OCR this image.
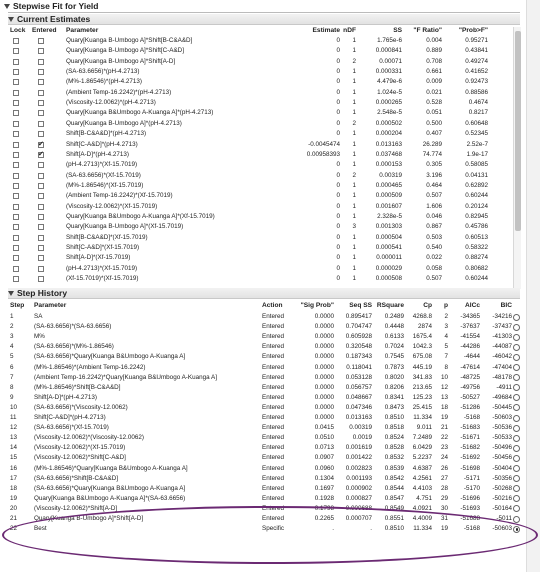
Stepwise Fit for Yield
Current Estimates
Lock	Entered	Parameter	Estimate nDF	SS	"F Ratio"	"Prob>F"
Quary[Kuanga B-Umbogo A]*Shift[B-C&A&D]	0	1	1.765e-6	0.004	0.95271
Quary[Kuanga B-Umbogo A]*Shift[C-A&D]	0	1	0.000841	0.889	0.43841
Quary[Kuanga B-Umbogo A]*Shift[A-D]	0	2	0.00071	0.708	0.49274
(SA-63.6656)*(pH-4.2713)	0	1	0.000331	0.661	0.41652
(M%-1.86546)*(pH-4.2713)	0	1	4.479e-6	0.009	0.92473
(Ambient Temp-16.2242)*(pH-4.2713)	0	1	1.024e-5	0.021	0.88586
(Viscosity-12.0062)*(pH-4.2713)	0	1	0.000265	0.528	0.4674
Quary[Kuanga B&Umbogo A-Kuanga A]*(pH-4.2713)	0	1	2.548e-5	0.051	0.8217
Quary[Kuanga B-Umbogo A]*(pH-4.2713)	0	2	0.000502	0.500	0.60648
Shift[B-C&A&D]*(pH-4.2713)	0	1	0.000204	0.407	0.52345
✔
Shift[C-A&D]*(pH-4.2713)	-0.0045474	1	0.013163	26.289	2.52e-7
✔
Shift[A-D]*(pH-4.2713)	0.00958393	1	0.037468	74.774	1.9e-17
(pH-4.2713)*(Xf-15.7019)	0	1	0.000153	0.305	0.58085
(SA-63.6656)*(Xf-15.7019)	0	2	0.00319	3.196	0.04131
(M%-1.86546)*(Xf-15.7019)	0	1	0.000465	0.464	0.62892
(Ambient Temp-16.2242)*(Xf-15.7019)	0	1	0.000509	0.507	0.60244
(Viscosity-12.0062)*(Xf-15.7019)	0	1	0.001607	1.606	0.20124
Quary[Kuanga B&Umbogo A-Kuanga A]*(Xf-15.7019)	0	1	2.328e-5	0.046	0.82945
Quary[Kuanga B-Umbogo A]*(Xf-15.7019)	0	3	0.001303	0.867	0.45786
Shift[B-C&A&D]*(Xf-15.7019)	0	1	0.000504	0.503	0.60513
Shift[C-A&D]*(Xf-15.7019)	0	1	0.000541	0.540	0.58322
Shift[A-D]*(Xf-15.7019)	0	1	0.000011	0.022	0.88274
(pH-4.2713)*(Xf-15.7019)	0	1	0.000029	0.058	0.80682
(Xf-15.7019)*(Xf-15.7019)	0	1	0.000508	0.507	0.60244
Step History
Step	Parameter	Action	"Sig Prob"	Seq SS RSquare	Cp	p	AICc	BIC
1	SA	Entered	0.0000	0.895417	0.2489	4268.8	2	-34365	-34216
2	(SA-63.6656)*(SA-63.6656)	Entered	0.0000	0.704747	0.4448	2874	3	-37637	-37437
3	M%	Entered	0.0000	0.605928	0.6133	1675.4	4	-41554	-41303
4	(SA-63.6656)*(M%-1.86546)	Entered	0.0000	0.320548	0.7024	1042.3	5	-44286	-44087
5	(SA-63.6656)*Quary[Kuanga B&Umbogo A-Kuanga A]	Entered	0.0000	0.187343	0.7545	675.08	7	-4644	-46042
6	(M%-1.86546)*(Ambient Temp-16.2242)	Entered	0.0000	0.118041	0.7873	445.19	8	-47614	-47404
7	(Ambient Temp-16.2242)*Quary[Kuanga B&Umbogo A-Kuanga A]	Entered	0.0000	0.053128	0.8020	341.83	10	-48725	-48178
8	(M%-1.86546)*Shift[B-C&A&D]	Entered	0.0000	0.056757	0.8206	213.65	12	-49756	-4911
9	Shift[A-D]*(pH-4.2713)	Entered	0.0000	0.048667	0.8341	125.23	13	-50527	-49684
10	(SA-63.6656)*(Viscosity-12.0062)	Entered	0.0000	0.047346	0.8473	25.415	18	-51286	-50445
11	Shift[C-A&D]*(pH-4.2713)	Entered	0.0000	0.013163	0.8510	11.334	19	-5168	-50603
12	(SA-63.6656)*(Xf-15.7019)	Entered	0.0415	0.00319	0.8518	9.011	21	-51683	-50536
13	(Viscosity-12.0062)*(Viscosity-12.0062)	Entered	0.0510	0.0019	0.8524	7.2489	22	-51671	-50533
14	(Viscosity-12.0062)*(Xf-15.7019)	Entered	0.0713	0.001619	0.8528	6.0429	23	-51682	-50496
15	(Viscosity-12.0062)*Shift[C-A&D]	Entered	0.0907	0.001422	0.8532	5.2237	24	-51692	-50456
16	(M%-1.86546)*Quary[Kuanga B&Umbogo A-Kuanga A]	Entered	0.0960	0.002823	0.8539	4.6387	26	-51698	-50404
17	(SA-63.6656)*Shift[B-C&A&D]	Entered	0.1304	0.001193	0.8542	4.2561	27	-5171	-50356
18	(SA-63.6656)*Quary[Kuanga B&Umbogo A-Kuanga A]	Entered	0.1697	0.000902	0.8544	4.4103	28	-5170	-50268
19	Quary[Kuanga B&Umbogo A-Kuanga A]*(SA-63.6656)	Entered	0.1928	0.000827	0.8547	4.751	29	-51696	-50216
20	(Viscosity-12.0062)*Shift[A-D]	Entered	0.1798	0.000688	0.8549	4.0921	30	-51693	-50164
21	Quary[Kuanga B-Umbogo A]*Shift[A-D]	Entered	0.2265	0.000707	0.8551	4.4009	31	-51688	-5011
22	Best	Specific	.	.	0.8510	11.334	19	-5168	-50603
